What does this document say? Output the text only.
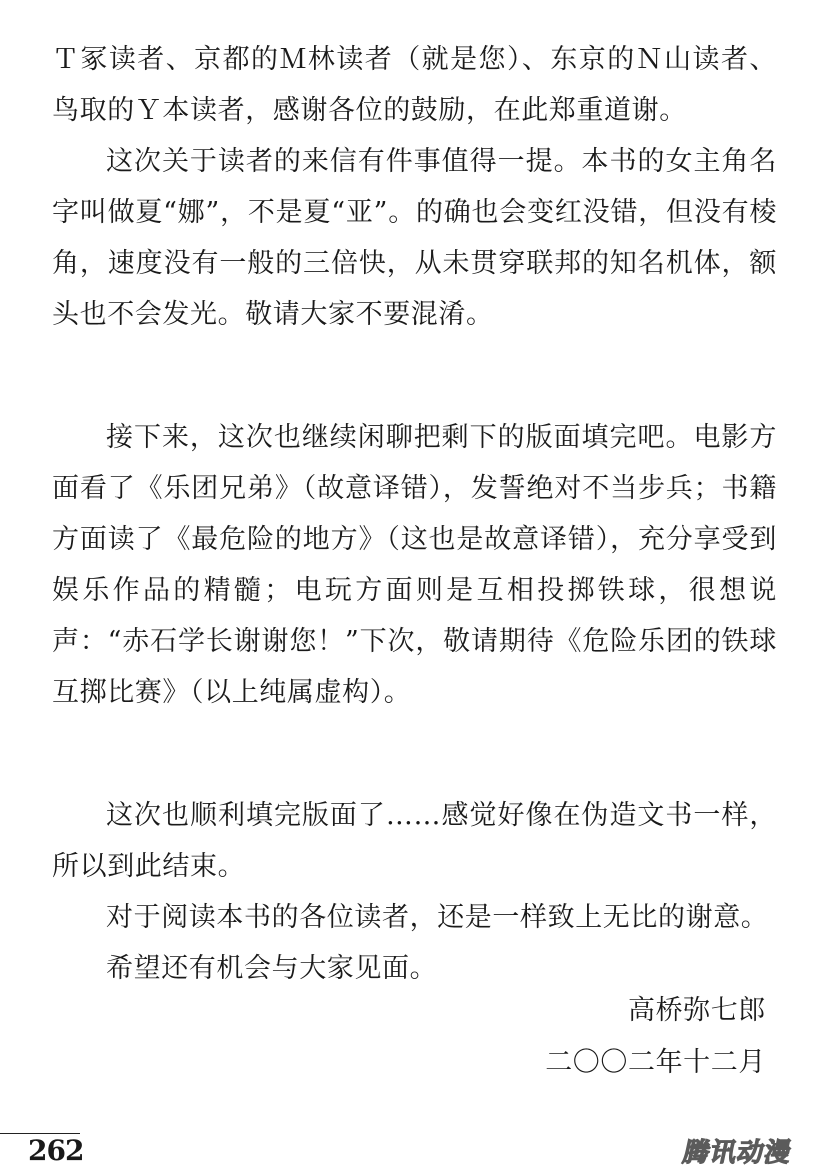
Ｔ冢读者、京都的Ｍ林读者（就是您）、东京的Ｎ山读者、鸟取的Ｙ本读者，感谢各位的鼓励，在此郑重道谢。

这次关于读者的来信有件事值得一提。本书的女主角名字叫做夏“娜”，不是夏“亚”。的确也会变红没错，但没有棱角，速度没有一般的三倍快，从未贯穿联邦的知名机体，额头也不会发光。敬请大家不要混淆。

接下来，这次也继续闲聊把剩下的版面填完吧。电影方面看了《乐团兄弟》（故意译错），发誓绝对不当步兵；书籍方面读了《最危险的地方》（这也是故意译错），充分享受到娱乐作品的精髓；电玩方面则是互相投掷铁球，很想说声：“赤石学长谢谢您！”下次，敬请期待《危险乐团的铁球互掷比赛》（以上纯属虚构）。

这次也顺利填完版面了……感觉好像在伪造文书一样，所以到此结束。

对于阅读本书的各位读者，还是一样致上无比的谢意。

希望还有机会与大家见面。

高桥弥七郎
二〇〇二年十二月
262	腾讯动漫
